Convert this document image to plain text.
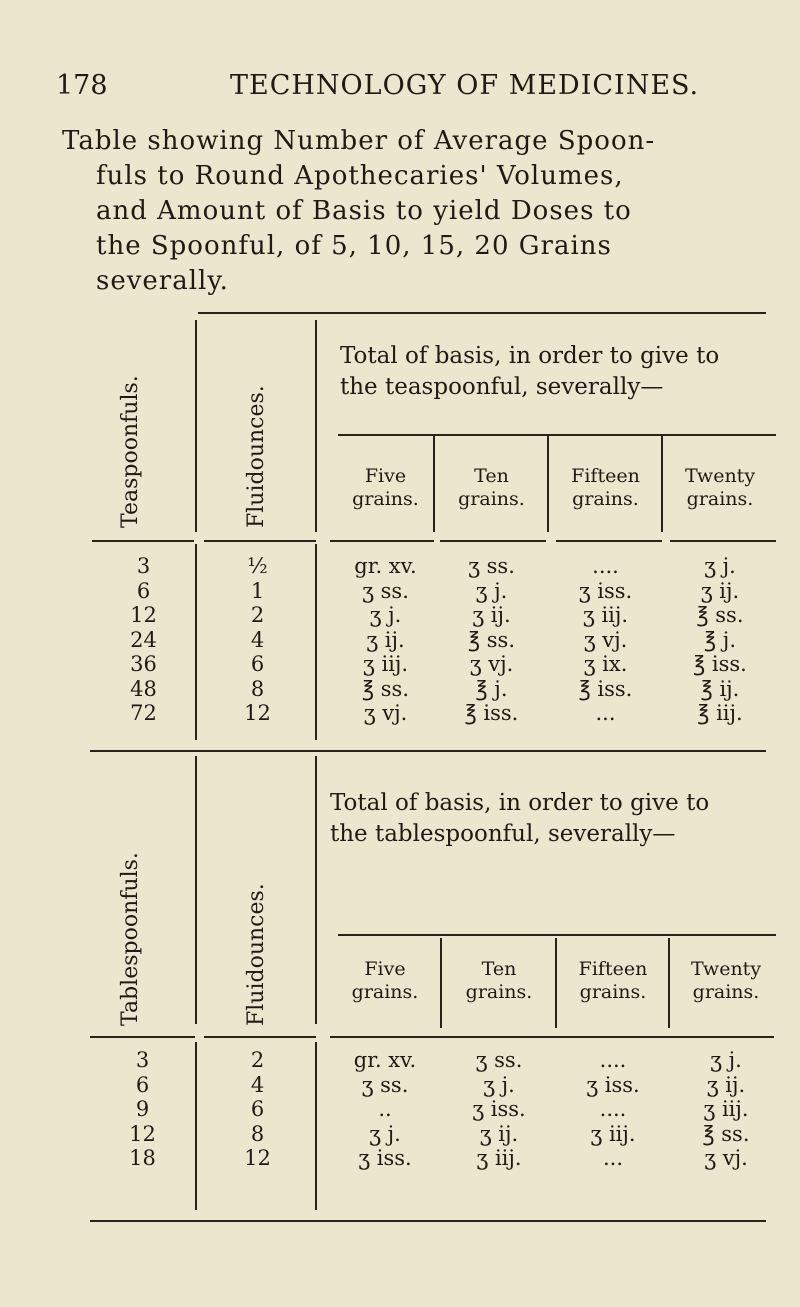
178	TECHNOLOGY OF MEDICINES.
Table showing Number of Average Spoon-
fuls to Round Apothecaries' Volumes,
and Amount of Basis to yield Doses to
the Spoonful, of 5, 10, 15, 20 Grains
severally.
Teaspoonfuls.	Fluidounces.
Total of basis, in order to give to
the teaspoonful, severally—
Five
grains.
Ten
grains.
Fifteen
grains.
Twenty
grains.
3	½	gr. xv.	ʒ ss.	....	ʒ j.
6	1	ʒ ss.	ʒ j.	ʒ iss.	ʒ ij.
12	2	ʒ j.	ʒ ij.	ʒ iij.	℥ ss.
24	4	ʒ ij.	℥ ss.	ʒ vj.	℥ j.
36	6	ʒ iij.	ʒ vj.	ʒ ix.	℥ iss.
48	8	℥ ss.	℥ j.	℥ iss.	℥ ij.
72	12	ʒ vj.	℥ iss.	...	℥ iij.
Tablespoonfuls.	Fluidounces.
Total of basis, in order to give to
the tablespoonful, severally—
Five
grains.
Ten
grains.
Fifteen
grains.
Twenty
grains.
3	2	gr. xv.	ʒ ss.	....	ʒ j.
6	4	ʒ ss.	ʒ j.	ʒ iss.	ʒ ij.
9	6	..	ʒ iss.	....	ʒ iij.
12	8	ʒ j.	ʒ ij.	ʒ iij.	℥ ss.
18	12	ʒ iss.	ʒ iij.	...	ʒ vj.
